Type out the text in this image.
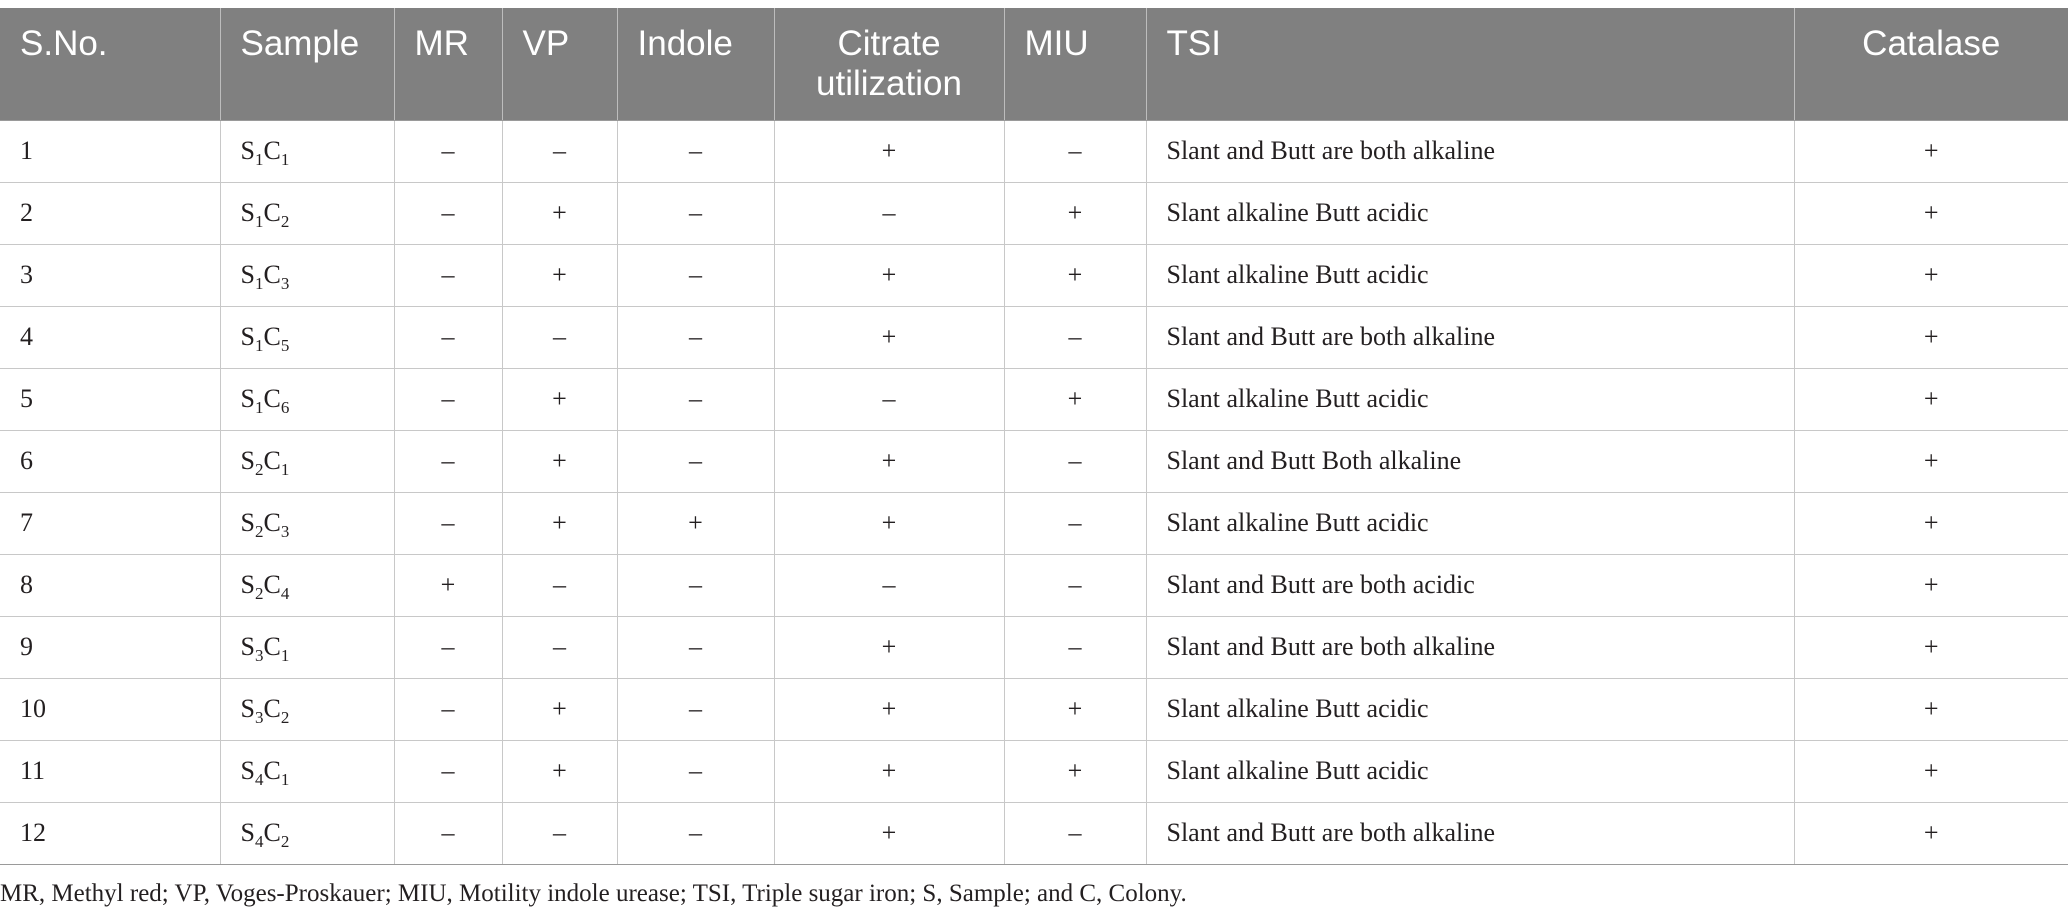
S.No.	Sample	MR	VP	Indole	Citrate utilization	MIU	TSI	Catalase
1	$S_1C_1$	–	–	–	+	–	Slant and Butt are both alkaline	+
2	$S_1C_2$	–	+	–	–	+	Slant alkaline Butt acidic	+
3	$S_1C_3$	–	+	–	+	+	Slant alkaline Butt acidic	+
4	$S_1C_5$	–	–	–	+	–	Slant and Butt are both alkaline	+
5	$S_1C_6$	–	+	–	–	+	Slant alkaline Butt acidic	+
6	$S_2C_1$	–	+	–	+	–	Slant and Butt Both alkaline	+
7	$S_2C_3$	–	+	+	+	–	Slant alkaline Butt acidic	+
8	$S_2C_4$	+	–	–	–	–	Slant and Butt are both acidic	+
9	$S_3C_1$	–	–	–	+	–	Slant and Butt are both alkaline	+
10	$S_3C_2$	–	+	–	+	+	Slant alkaline Butt acidic	+
11	$S_4C_1$	–	+	–	+	+	Slant alkaline Butt acidic	+
12	$S_4C_2$	–	–	–	+	–	Slant and Butt are both alkaline	+
MR, Methyl red; VP, Voges-Proskauer; MIU, Motility indole urease; TSI, Triple sugar iron; S, Sample; and C, Colony.
